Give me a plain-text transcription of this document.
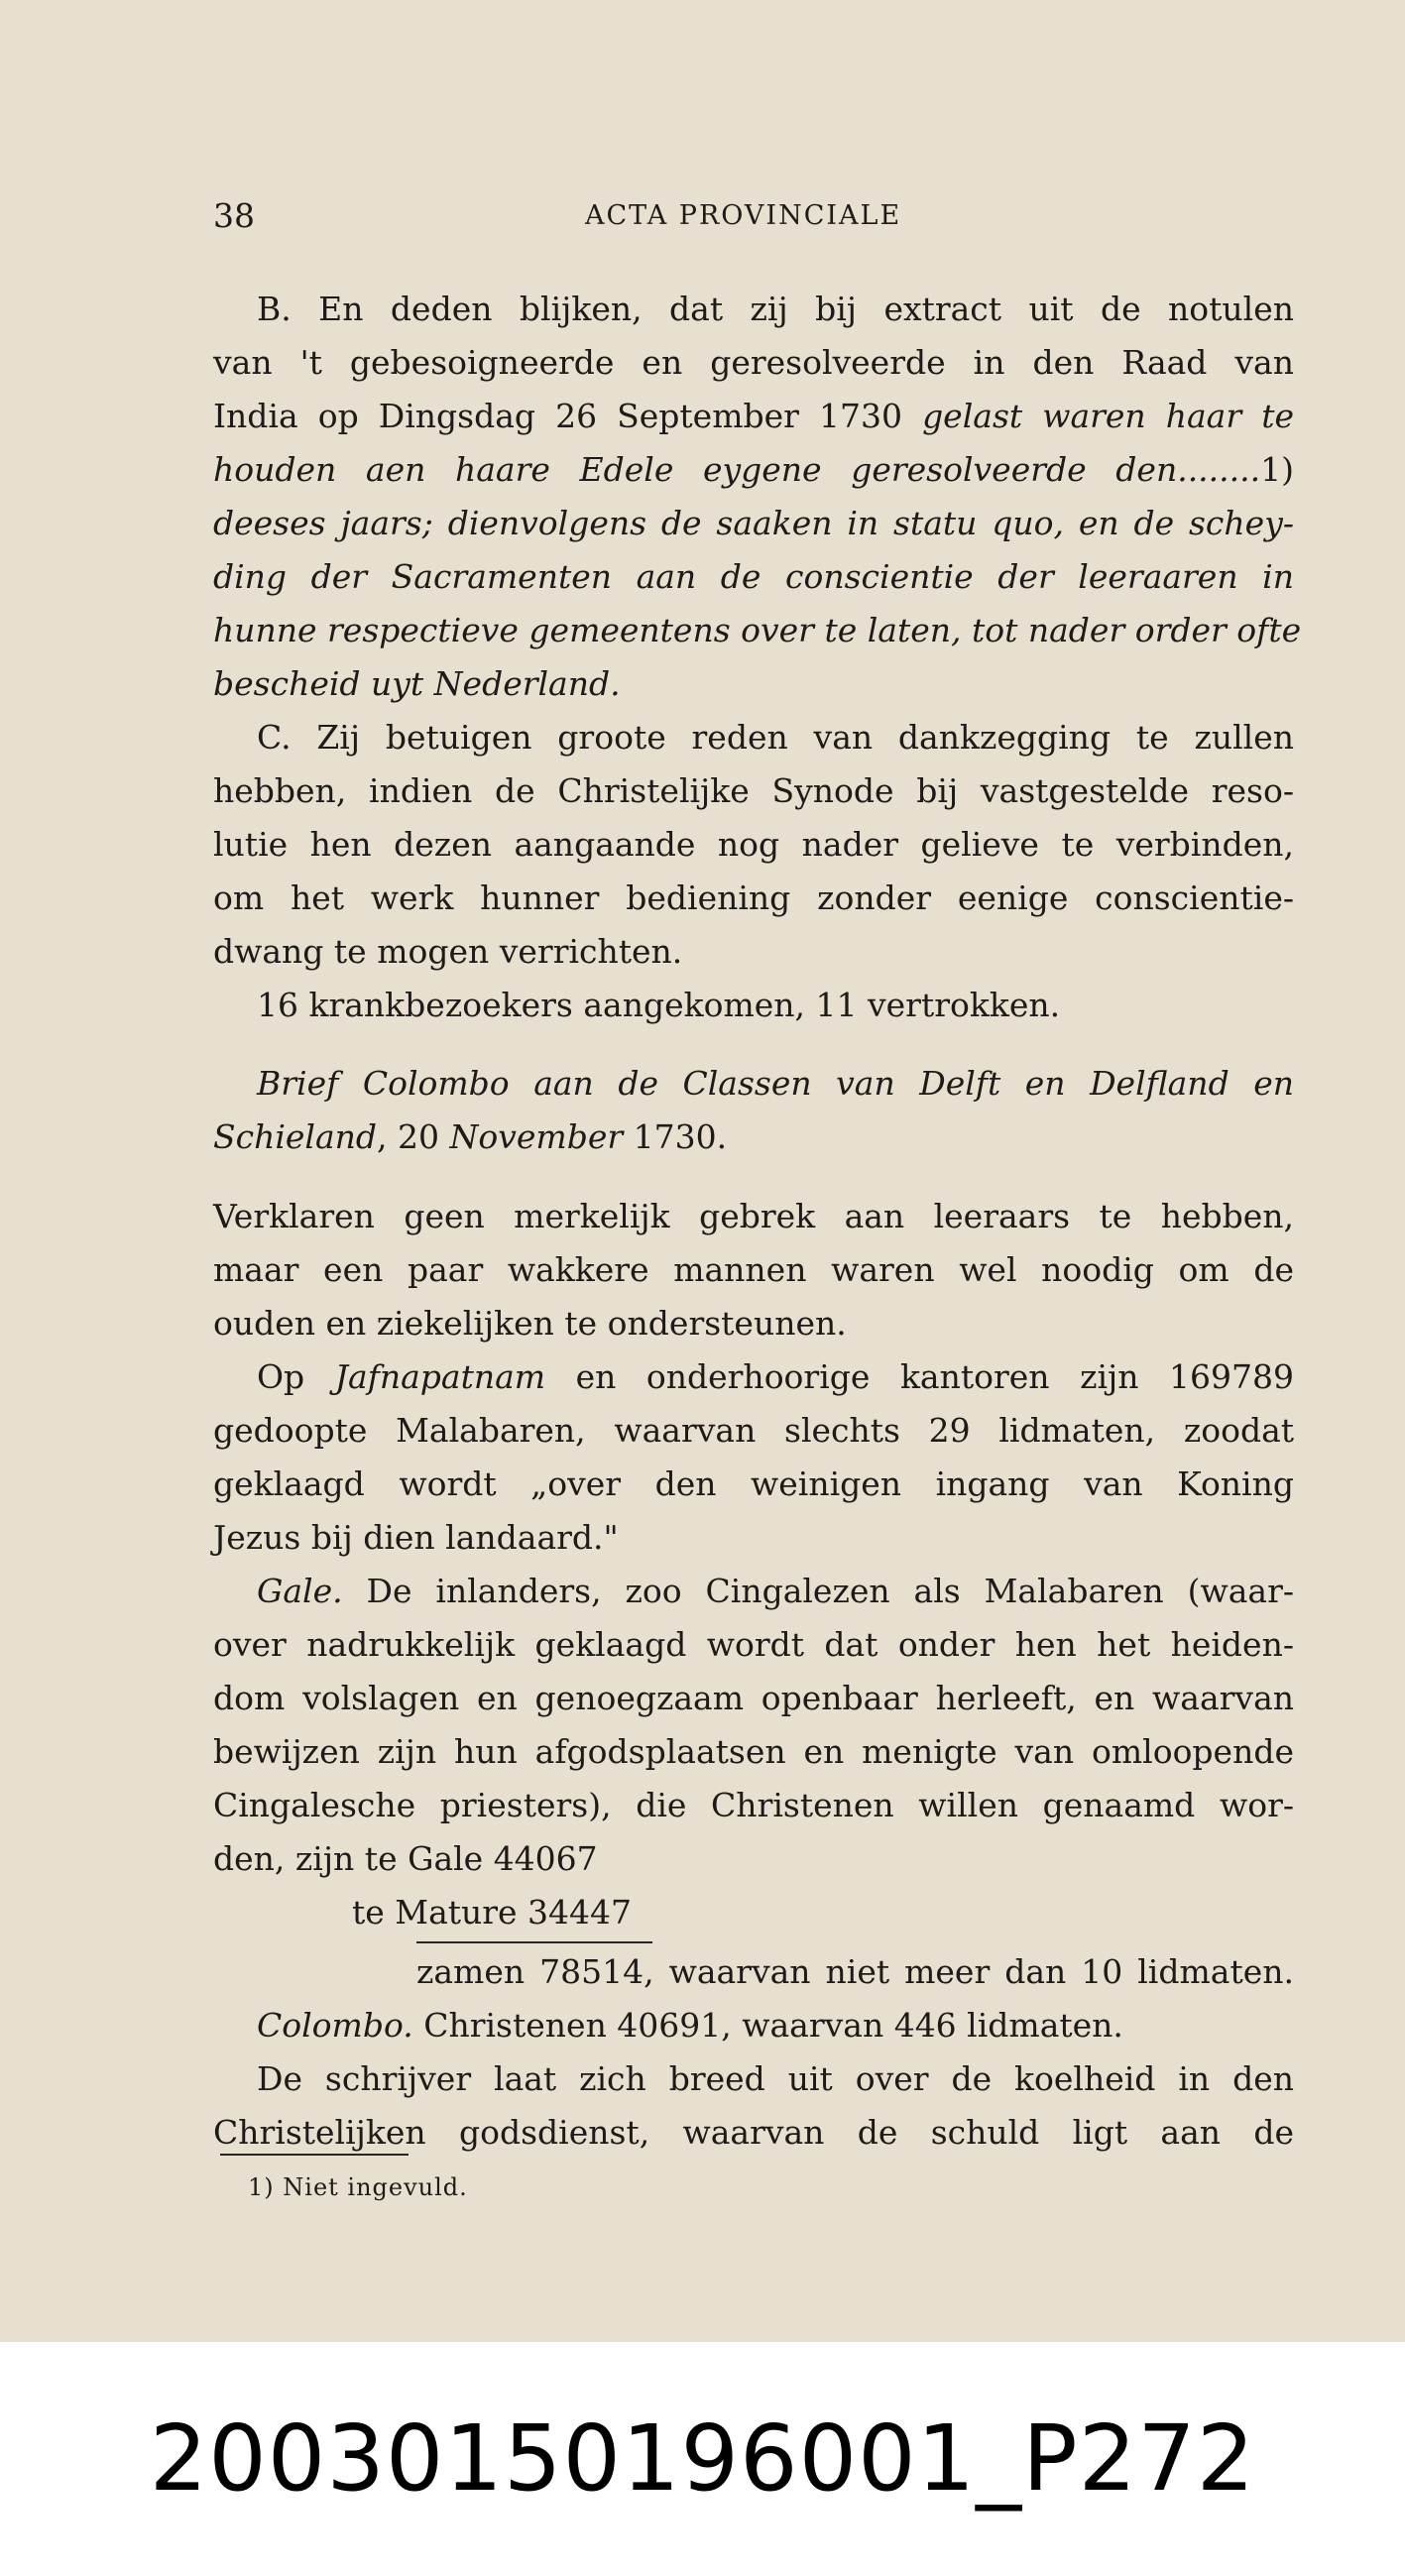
38	ACTA PROVINCIALE
B. En deden blijken, dat zij bij extract uit de notulen
van 't gebesoigneerde en geresolveerde in den Raad van
India op Dingsdag 26 September 1730 gelast waren haar te
houden aen haare Edele eygene geresolveerde den........1)
deeses jaars; dienvolgens de saaken in statu quo, en de schey-
ding der Sacramenten aan de conscientie der leeraaren in
hunne respectieve gemeentens over te laten, tot nader order ofte
bescheid uyt Nederland.
C. Zij betuigen groote reden van dankzegging te zullen
hebben, indien de Christelijke Synode bij vastgestelde reso-
lutie hen dezen aangaande nog nader gelieve te verbinden,
om het werk hunner bediening zonder eenige conscientie-
dwang te mogen verrichten.
16 krankbezoekers aangekomen, 11 vertrokken.
Brief Colombo aan de Classen van Delft en Delfland en
Schieland, 20 November 1730.
Verklaren geen merkelijk gebrek aan leeraars te hebben,
maar een paar wakkere mannen waren wel noodig om de
ouden en ziekelijken te ondersteunen.
Op Jafnapatnam en onderhoorige kantoren zijn 169789
gedoopte Malabaren, waarvan slechts 29 lidmaten, zoodat
geklaagd wordt „over den weinigen ingang van Koning
Jezus bij dien landaard."
Gale. De inlanders, zoo Cingalezen als Malabaren (waar-
over nadrukkelijk geklaagd wordt dat onder hen het heiden-
dom volslagen en genoegzaam openbaar herleeft, en waarvan
bewijzen zijn hun afgodsplaatsen en menigte van omloopende
Cingalesche priesters), die Christenen willen genaamd wor-
den, zijn te Gale 44067
te Mature 34447
zamen 78514, waarvan niet meer dan 10 lidmaten.
Colombo. Christenen 40691, waarvan 446 lidmaten.
De schrijver laat zich breed uit over de koelheid in den
Christelijken godsdienst, waarvan de schuld ligt aan de
1) Niet ingevuld.
20030150196001_P272
